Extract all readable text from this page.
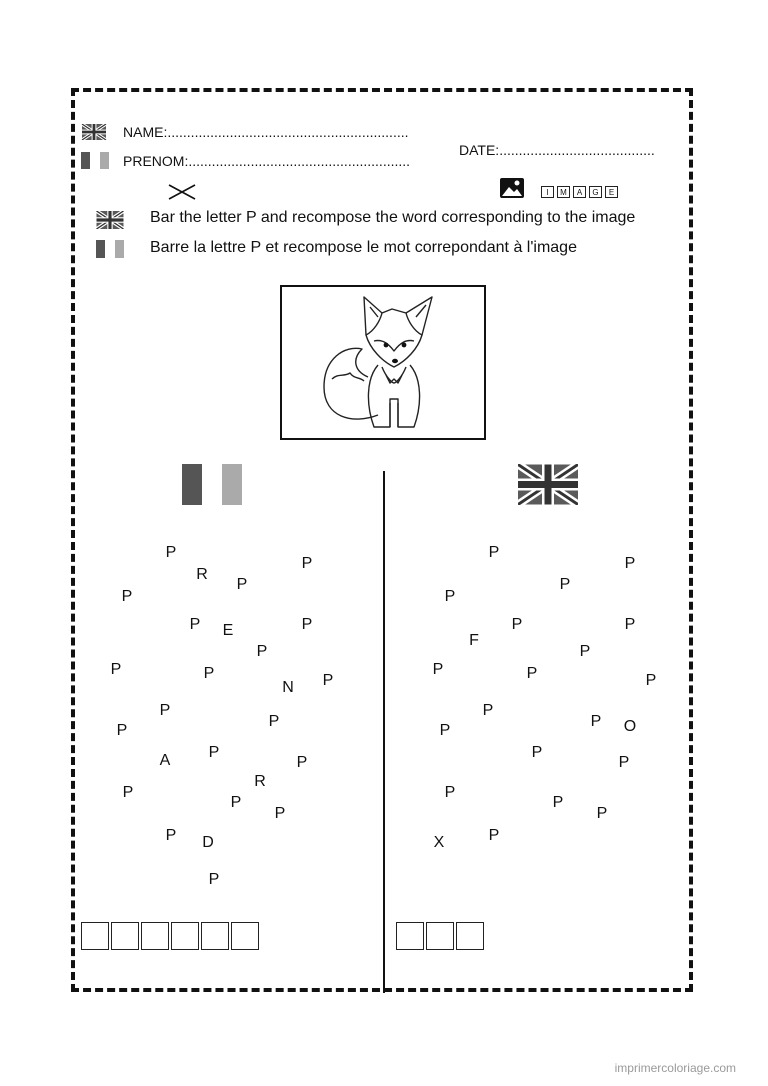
NAME:..............................................................
PRENOM:.........................................................
DATE:........................................
I	M	A	G	E
Bar the letter P and recompose the word corresponding to the image
Barre la lettre P et recompose le mot correpondant à l'image
P
R
P
P
P
P E	P
P
P	P
N P
P
P
P
A P
P
R
P
P
P
P D
P
P
P
P
P
F
P	P
P
P	P	P
P
P O
P
P
P
P
P
X
P
P
imprimercoloriage.com
